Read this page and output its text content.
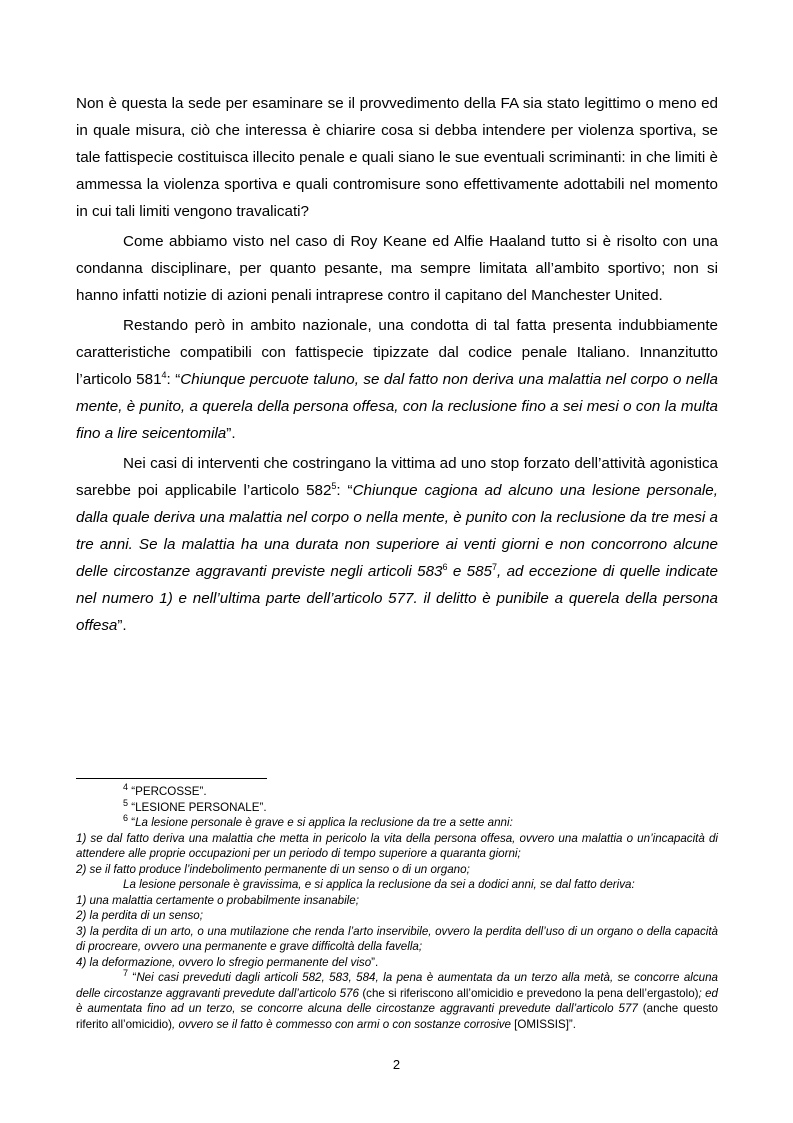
Non è questa la sede per esaminare se il provvedimento della FA sia stato legittimo o meno ed in quale misura, ciò che interessa è chiarire cosa si debba intendere per violenza sportiva, se tale fattispecie costituisca illecito penale e quali siano le sue eventuali scriminanti: in che limiti è ammessa la violenza sportiva e quali contromisure sono effettivamente adottabili nel momento in cui tali limiti vengono travalicati?

Come abbiamo visto nel caso di Roy Keane ed Alfie Haaland tutto si è risolto con una condanna disciplinare, per quanto pesante, ma sempre limitata all’ambito sportivo; non si hanno infatti notizie di azioni penali intraprese contro il capitano del Manchester United.

Restando però in ambito nazionale, una condotta di tal fatta presenta indubbiamente caratteristiche compatibili con fattispecie tipizzate dal codice penale Italiano. Innanzitutto l’articolo $581^4$: “Chiunque percuote taluno, se dal fatto non deriva una malattia nel corpo o nella mente, è punito, a querela della persona offesa, con la reclusione fino a sei mesi o con la multa fino a lire seicentomila”.

Nei casi di interventi che costringano la vittima ad uno stop forzato dell’attività agonistica sarebbe poi applicabile l’articolo $582^5$: “Chiunque cagiona ad alcuno una lesione personale, dalla quale deriva una malattia nel corpo o nella mente, è punito con la reclusione da tre mesi a tre anni. Se la malattia ha una durata non superiore ai venti giorni e non concorrono alcune delle circostanze aggravanti previste negli articoli $583^6$ e $585^7$, ad eccezione di quelle indicate nel numero 1) e nell’ultima parte dell’articolo 577. il delitto è punibile a querela della persona offesa”.

$^4$ “PERCOSSE”.

$^5$ “LESIONE PERSONALE”.

$^6$ “La lesione personale è grave e si applica la reclusione da tre a sette anni:

1) se dal fatto deriva una malattia che metta in pericolo la vita della persona offesa, ovvero una malattia o un’incapacità di attendere alle proprie occupazioni per un periodo di tempo superiore a quaranta giorni;

2) se il fatto produce l’indebolimento permanente di un senso o di un organo;

La lesione personale è gravissima, e si applica la reclusione da sei a dodici anni, se dal fatto deriva:

1) una malattia certamente o probabilmente insanabile;

2) la perdita di un senso;

3) la perdita di un arto, o una mutilazione che renda l’arto inservibile, ovvero la perdita dell’uso di un organo o della capacità di procreare, ovvero una permanente e grave difficoltà della favella;

4) la deformazione, ovvero lo sfregio permanente del viso”.

$^7$ “Nei casi preveduti dagli articoli 582, 583, 584, la pena è aumentata da un terzo alla metà, se concorre alcuna delle circostanze aggravanti prevedute dall’articolo 576 (che si riferiscono all’omicidio e prevedono la pena dell’ergastolo); ed è aumentata fino ad un terzo, se concorre alcuna delle circostanze aggravanti prevedute dall’articolo 577 (anche questo riferito all’omicidio), ovvero se il fatto è commesso con armi o con sostanze corrosive [OMISSIS]”.

2
